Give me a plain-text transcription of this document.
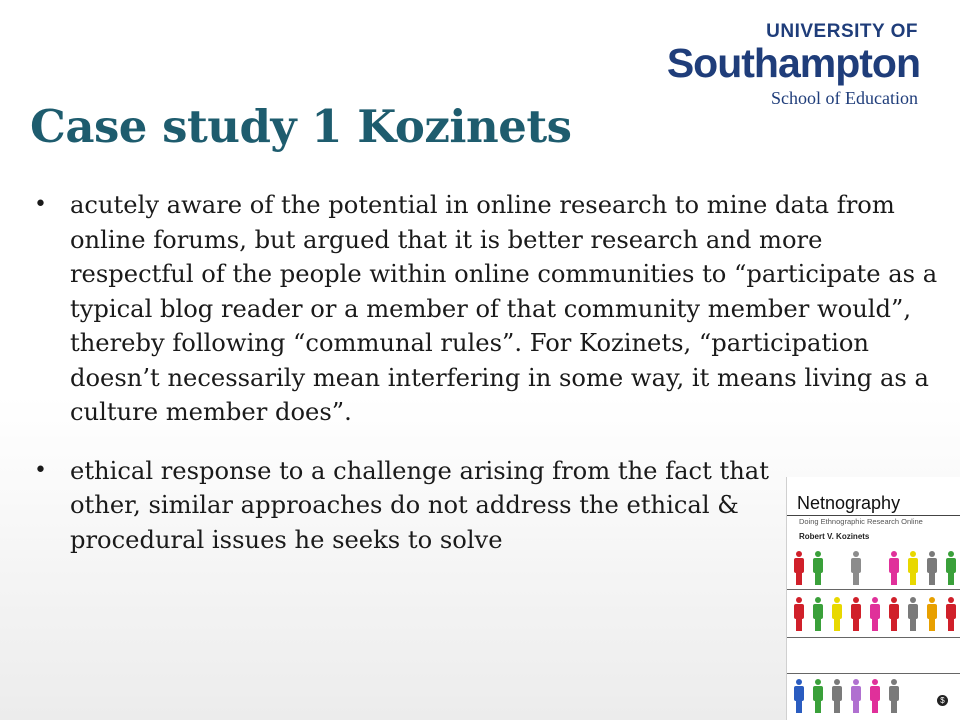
UNIVERSITY OF
Southampton
School of Education
Case study 1 Kozinets
• acutely aware of the potential in online research to mine data from online forums, but argued that it is better research and more respectful of the people within online communities to “participate as a typical blog reader or a member of that community member would”, thereby following “communal rules”. For Kozinets, “participation doesn’t necessarily mean interfering in some way, it means living as a culture member does”.
• ethical response to a challenge arising from the fact that other, similar approaches do not address the ethical & procedural issues he seeks to solve
Netnography
Doing Ethnographic Research Online
Robert V. Kozinets
$
